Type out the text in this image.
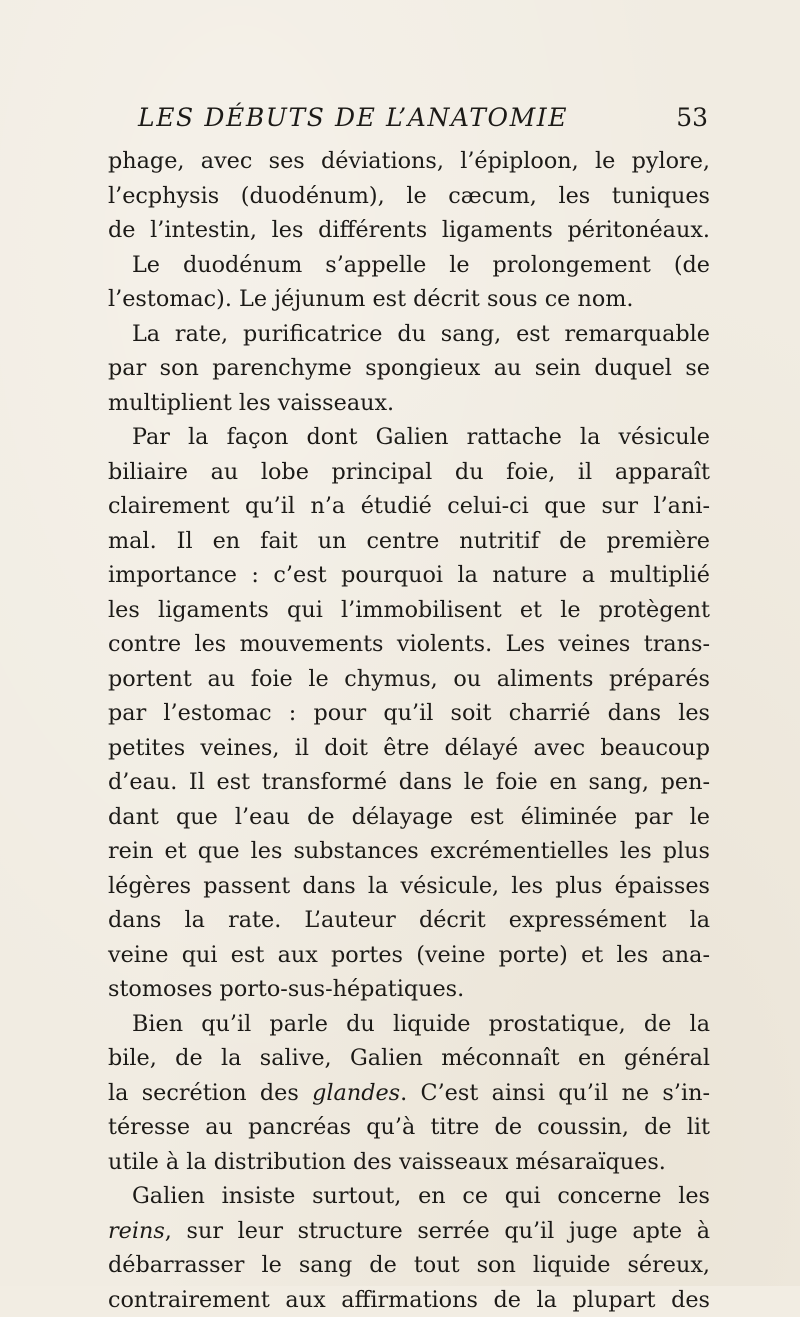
LES DÉBUTS DE L’ANATOMIE	53
phage, avec ses déviations, l’épiploon, le pylore,
l’ecphysis (duodénum), le cæcum, les tuniques
de l’intestin, les différents ligaments péritonéaux.
Le duodénum s’appelle le prolongement (de
l’estomac). Le jéjunum est décrit sous ce nom.
La rate, purificatrice du sang, est remarquable
par son parenchyme spongieux au sein duquel se
multiplient les vaisseaux.
Par la façon dont Galien rattache la vésicule
biliaire au lobe principal du foie, il apparaît
clairement qu’il n’a étudié celui-ci que sur l’ani-
mal. Il en fait un centre nutritif de première
importance : c’est pourquoi la nature a multiplié
les ligaments qui l’immobilisent et le protègent
contre les mouvements violents. Les veines trans-
portent au foie le chymus, ou aliments préparés
par l’estomac : pour qu’il soit charrié dans les
petites veines, il doit être délayé avec beaucoup
d’eau. Il est transformé dans le foie en sang, pen-
dant que l’eau de délayage est éliminée par le
rein et que les substances excrémentielles les plus
légères passent dans la vésicule, les plus épaisses
dans la rate. L’auteur décrit expressément la
veine qui est aux portes (veine porte) et les ana-
stomoses porto-sus-hépatiques.
Bien qu’il parle du liquide prostatique, de la
bile, de la salive, Galien méconnaît en général
la secrétion des glandes. C’est ainsi qu’il ne s’in-
téresse au pancréas qu’à titre de coussin, de lit
utile à la distribution des vaisseaux mésaraïques.
Galien insiste surtout, en ce qui concerne les
reins, sur leur structure serrée qu’il juge apte à
débarrasser le sang de tout son liquide séreux,
contrairement aux affirmations de la plupart des
